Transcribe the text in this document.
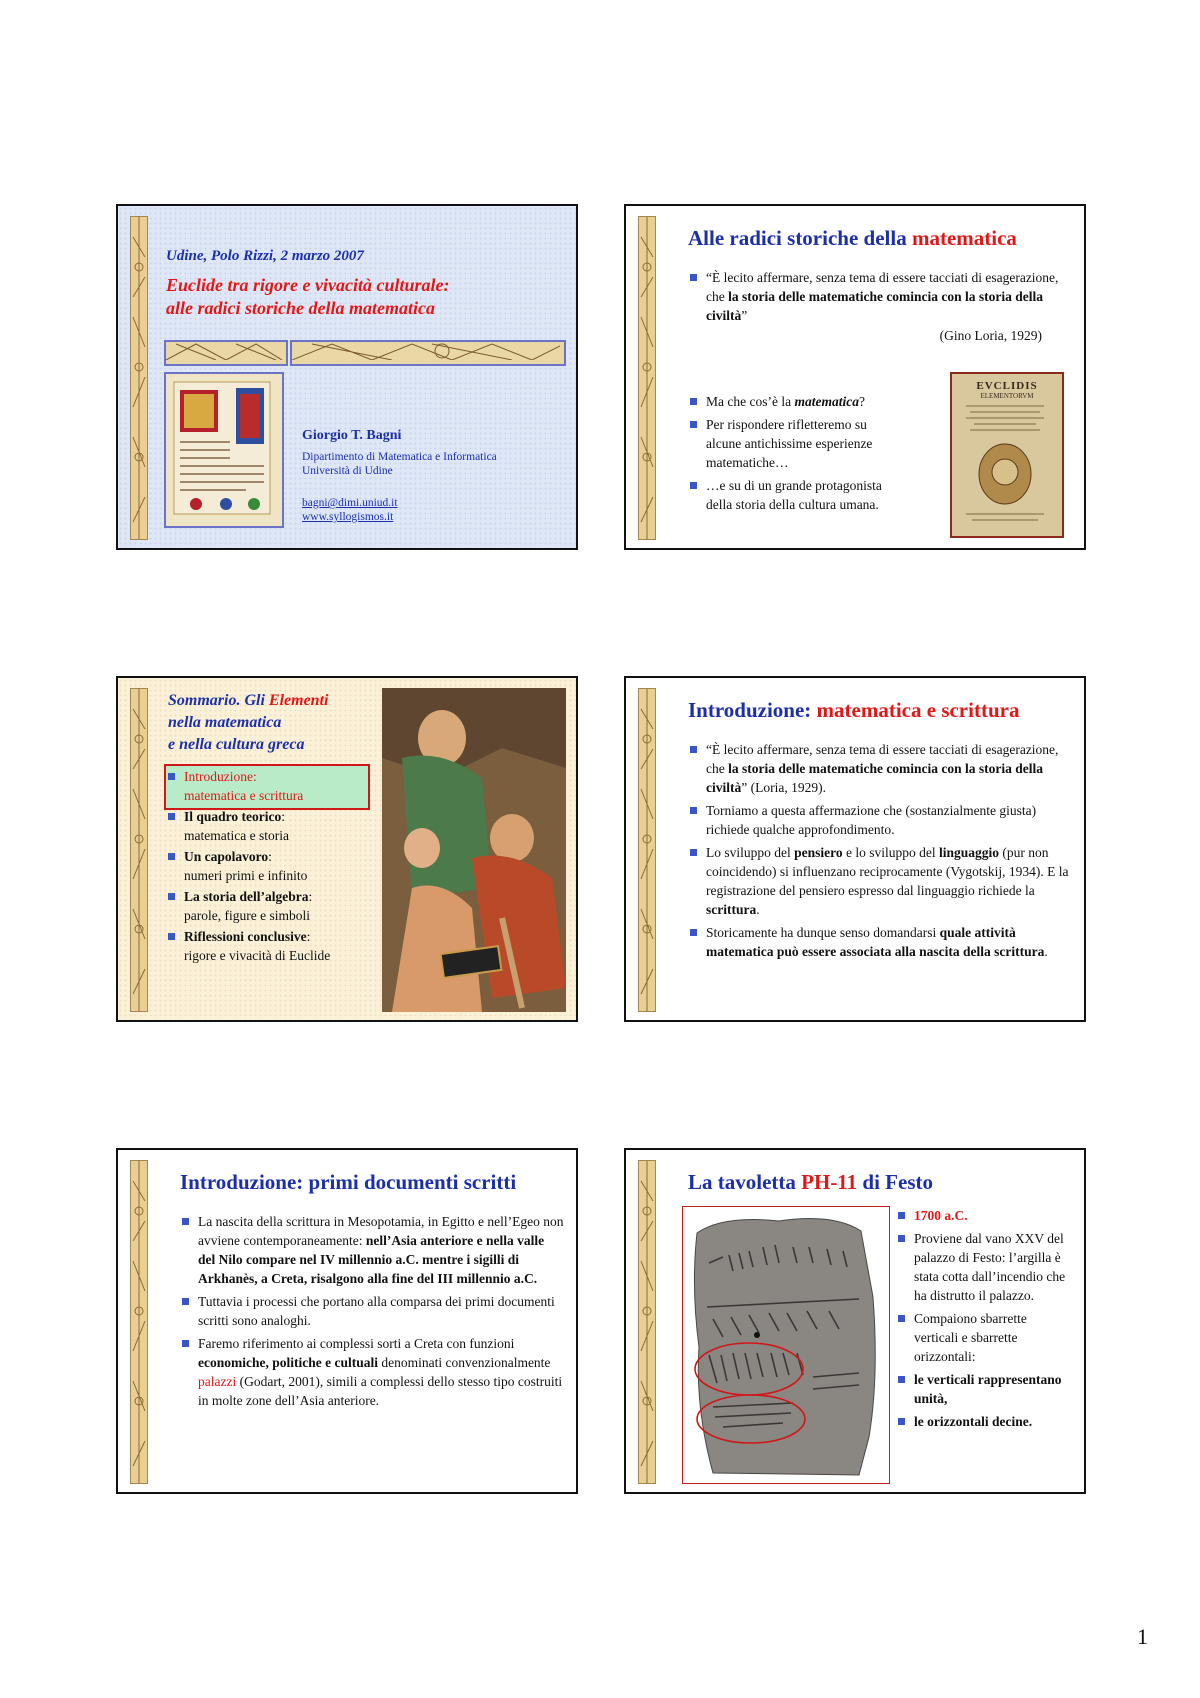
Udine, Polo Rizzi, 2 marzo 2007
Euclide tra rigore e vivacità culturale:
alle radici storiche della matematica
Giorgio T. Bagni
Dipartimento di Matematica e Informatica
Università di Udine
bagni@dimi.uniud.it
www.syllogismos.it
Alle radici storiche della matematica
“È lecito affermare, senza tema di essere tacciati di esagerazione, che la storia delle matematiche comincia con la storia della civiltà”
(Gino Loria, 1929)
Ma che cos’è la matematica?
Per rispondere rifletteremo su alcune antichissime esperienze matematiche…
…e su di un grande protagonista della storia della cultura umana.
EVCLIDIS
ELEMENTORVM
Sommario. Gli Elementi
nella matematica
e nella cultura greca
Introduzione:
matematica e scrittura
Il quadro teorico:
matematica e storia
Un capolavoro:
numeri primi e infinito
La storia dell’algebra:
parole, figure e simboli
Riflessioni conclusive:
rigore e vivacità di Euclide
Introduzione: matematica e scrittura
“È lecito affermare, senza tema di essere tacciati di esagerazione, che la storia delle matematiche comincia con la storia della civiltà” (Loria, 1929).
Torniamo a questa affermazione che (sostanzialmente giusta) richiede qualche approfondimento.
Lo sviluppo del pensiero e lo sviluppo del linguaggio (pur non coincidendo) si influenzano reciprocamente (Vygotskij, 1934). E la registrazione del pensiero espresso dal linguaggio richiede la scrittura.
Storicamente ha dunque senso domandarsi quale attività matematica può essere associata alla nascita della scrittura.
Introduzione: primi documenti scritti
La nascita della scrittura in Mesopotamia, in Egitto e nell’Egeo non avviene contemporaneamente: nell’Asia anteriore e nella valle del Nilo compare nel IV millennio a.C. mentre i sigilli di Arkhanès, a Creta, risalgono alla fine del III millennio a.C.
Tuttavia i processi che portano alla comparsa dei primi documenti scritti sono analoghi.
Faremo riferimento ai complessi sorti a Creta con funzioni economiche, politiche e cultuali denominati convenzionalmente palazzi (Godart, 2001), simili a complessi dello stesso tipo costruiti in molte zone dell’Asia anteriore.
La tavoletta PH-11 di Festo
1700 a.C.
Proviene dal vano XXV del palazzo di Festo: l’argilla è stata cotta dall’incendio che ha distrutto il palazzo.
Compaiono sbarrette verticali e sbarrette orizzontali:
le verticali rappresentano unità,
le orizzontali decine.
1
